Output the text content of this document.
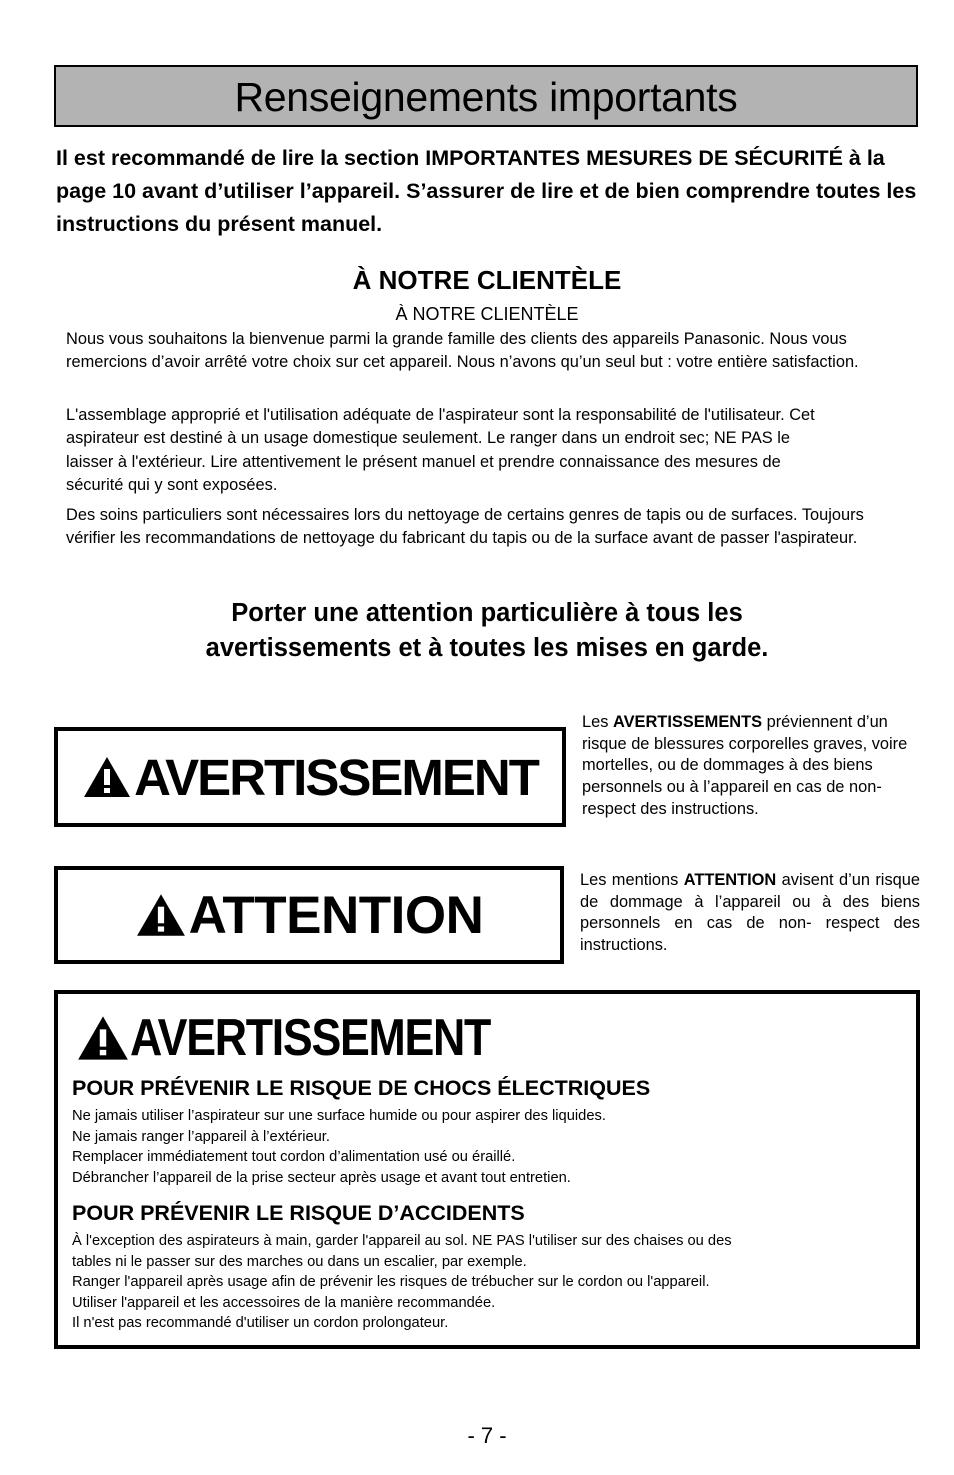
Renseignements importants

Il est recommandé de lire la section IMPORTANTES MESURES DE SÉCURITÉ à la page 10 avant d’utiliser l’appareil. S’assurer de lire et de bien comprendre toutes les instructions du présent manuel.

À NOTRE CLIENTÈLE

À NOTRE CLIENTÈLE

Nous vous souhaitons la bienvenue parmi la grande famille des clients des appareils Panasonic. Nous vous remercions d’avoir arrêté votre choix sur cet appareil. Nous n’avons qu’un seul but : votre entière satisfaction.

L'assemblage approprié et l'utilisation adéquate de l'aspirateur sont la responsabilité de l'utilisateur. Cet aspirateur est destiné à un usage domestique seulement. Le ranger dans un endroit sec; NE PAS le laisser à l'extérieur. Lire attentivement le présent manuel et prendre connaissance des mesures de sécurité qui y sont exposées.

Des soins particuliers sont nécessaires lors du nettoyage de certains genres de tapis ou de surfaces. Toujours vérifier les recommandations de nettoyage du fabricant du tapis ou de la surface avant de passer l'aspirateur.

Porter une attention particulière à tous les avertissements et à toutes les mises en garde.

AVERTISSEMENT

Les AVERTISSEMENTS préviennent d’un risque de blessures corporelles graves, voire mortelles, ou de dommages à des biens personnels ou à l’appareil en cas de non-respect des instructions.

ATTENTION

Les mentions ATTENTION avisent d’un risque de dommage à l’appareil ou à des biens personnels en cas de non- respect des instructions.

AVERTISSEMENT
POUR PRÉVENIR LE RISQUE DE CHOCS ÉLECTRIQUES
Ne jamais utiliser l’aspirateur sur une surface humide ou pour aspirer des liquides.
Ne jamais ranger l’appareil à l’extérieur.
Remplacer immédiatement tout cordon d’alimentation usé ou éraillé.
Débrancher l’appareil de la prise secteur après usage et avant tout entretien.
POUR PRÉVENIR LE RISQUE D’ACCIDENTS
À l'exception des aspirateurs à main, garder l'appareil au sol. NE PAS l'utiliser sur des chaises ou des
tables ni le passer sur des marches ou dans un escalier, par exemple.
Ranger l'appareil après usage afin de prévenir les risques de trébucher sur le cordon ou l'appareil.
Utiliser l'appareil et les accessoires de la manière recommandée.
Il n'est pas recommandé d'utiliser un cordon prolongateur.

- 7 -
